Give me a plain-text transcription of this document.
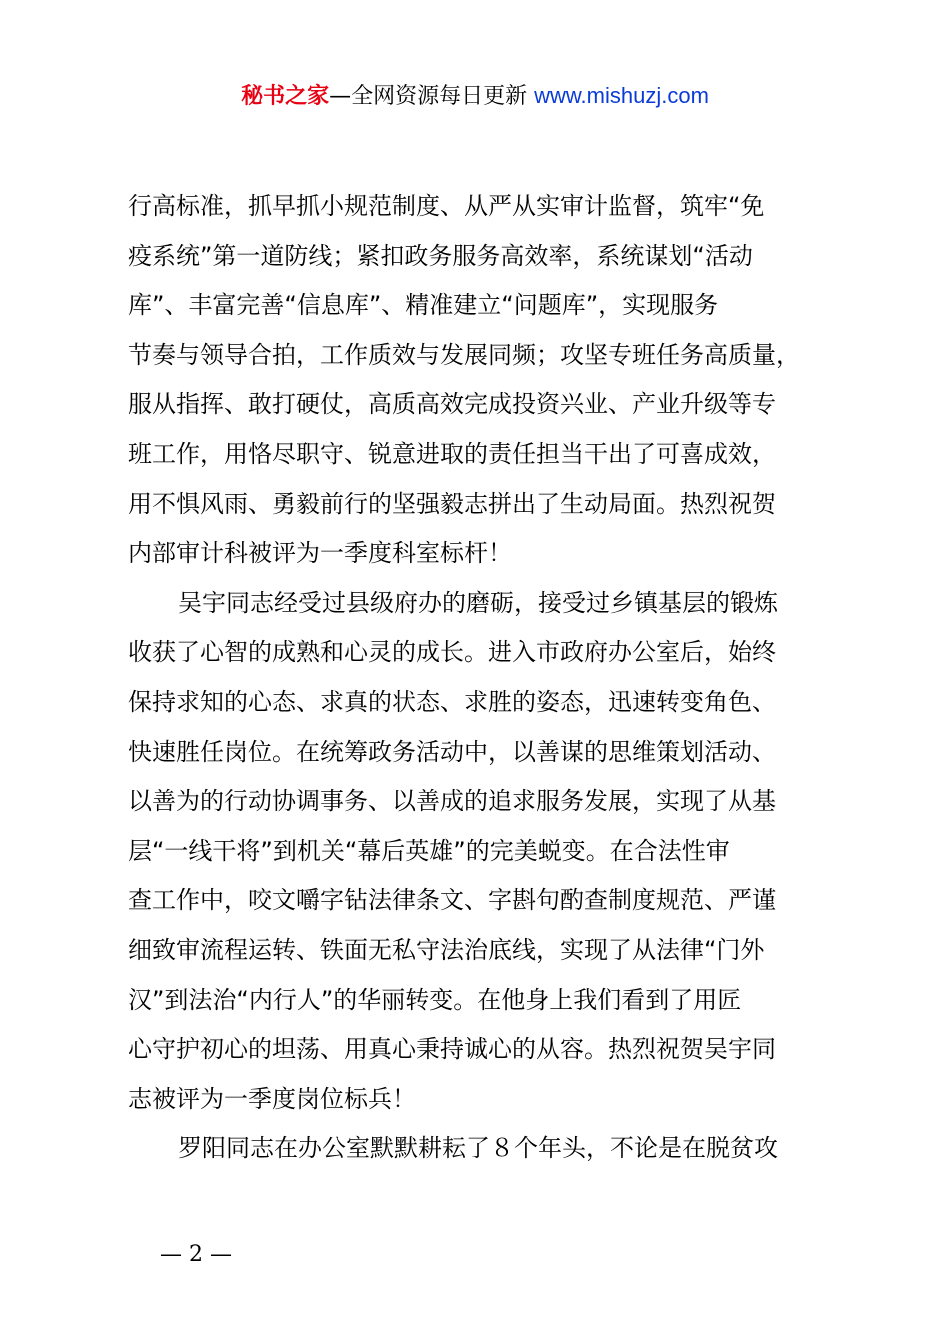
秘书之家—全网资源每日更新 www.mishuzj.com
行高标准，抓早抓小规范制度、从严从实审计监督，筑牢“免
疫系统”第一道防线；紧扣政务服务高效率，系统谋划“活动
库”、丰富完善“信息库”、精准建立“问题库”，实现服务
节奏与领导合拍，工作质效与发展同频；攻坚专班任务高质量，
服从指挥、敢打硬仗，高质高效完成投资兴业、产业升级等专
班工作，用恪尽职守、锐意进取的责任担当干出了可喜成效，
用不惧风雨、勇毅前行的坚强毅志拼出了生动局面。热烈祝贺
内部审计科被评为一季度科室标杆！
吴宇同志经受过县级府办的磨砺，接受过乡镇基层的锻炼
收获了心智的成熟和心灵的成长。进入市政府办公室后，始终
保持求知的心态、求真的状态、求胜的姿态，迅速转变角色、
快速胜任岗位。在统筹政务活动中，以善谋的思维策划活动、
以善为的行动协调事务、以善成的追求服务发展，实现了从基
层“一线干将”到机关“幕后英雄”的完美蜕变。在合法性审
查工作中，咬文嚼字钻法律条文、字斟句酌查制度规范、严谨
细致审流程运转、铁面无私守法治底线，实现了从法律“门外
汉”到法治“内行人”的华丽转变。在他身上我们看到了用匠
心守护初心的坦荡、用真心秉持诚心的从容。热烈祝贺吴宇同
志被评为一季度岗位标兵！
罗阳同志在办公室默默耕耘了８个年头，不论是在脱贫攻
— 2 —
